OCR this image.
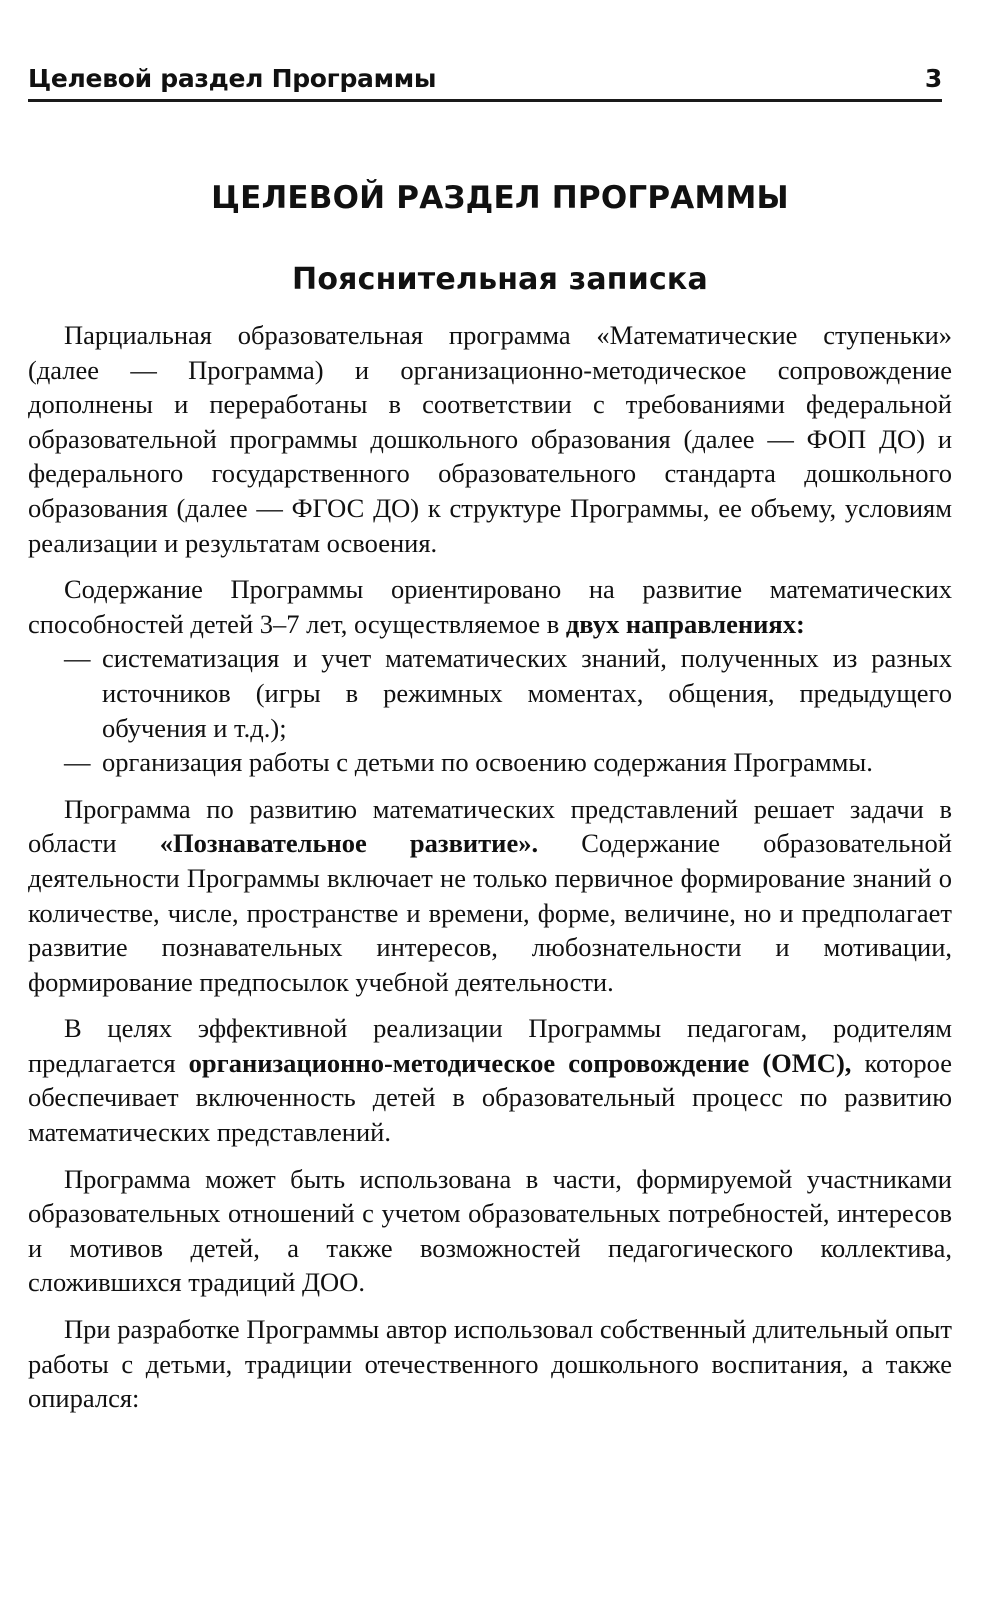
Целевой раздел Программы	3
ЦЕЛЕВОЙ РАЗДЕЛ ПРОГРАММЫ
Пояснительная записка

Парциальная образовательная программа «Математические ступеньки» (далее — Программа) и организационно-методическое сопровождение дополнены и переработаны в соответствии с требованиями федеральной образовательной программы дошкольного образования (далее — ФОП ДО) и федерального государственного образовательного стандарта дошкольного образования (далее — ФГОС ДО) к структуре Программы, ее объему, условиям реализации и результатам освоения.

Содержание Программы ориентировано на развитие математических способностей детей 3–7 лет, осуществляемое в двух направлениях:

— систематизация и учет математических знаний, полученных из разных источников (игры в режимных моментах, общения, предыдущего обучения и т.д.);
— организация работы с детьми по освоению содержания Программы.

Программа по развитию математических представлений решает задачи в области «Познавательное развитие». Содержание образовательной деятельности Программы включает не только первичное формирование знаний о количестве, числе, пространстве и времени, форме, величине, но и предполагает развитие познавательных интересов, любознательности и мотивации, формирование предпосылок учебной деятельности.

В целях эффективной реализации Программы педагогам, родителям предлагается организационно-методическое сопровождение (ОМС), которое обеспечивает включенность детей в образовательный процесс по развитию математических представлений.

Программа может быть использована в части, формируемой участниками образовательных отношений с учетом образовательных потребностей, интересов и мотивов детей, а также возможностей педагогического коллектива, сложившихся традиций ДОО.

При разработке Программы автор использовал собственный длительный опыт работы с детьми, традиции отечественного дошкольного воспитания, а также опирался:
